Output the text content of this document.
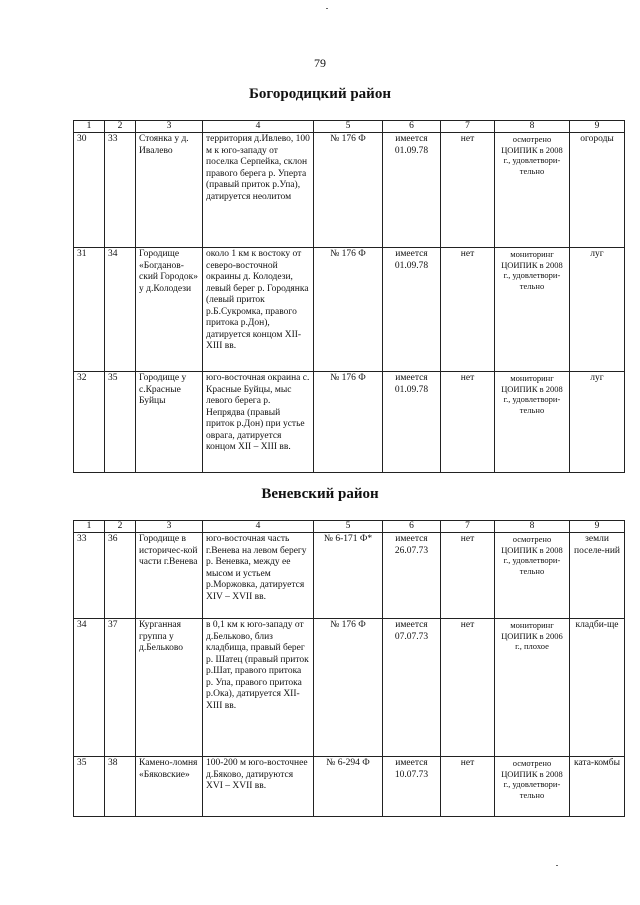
79
Богородицкий район
1	2	3	4	5	6	7	8	9
30	33	Стоянка у д. Ивалево	территория д.Ивлево, 100 м к юго-западу от поселка Серпейка, склон правого берега р. Уперта (правый приток р.Упа), датируется неолитом	№ 176 Ф	имеется 01.09.78	нет	осмотрено ЦОИПИК в 2008 г., удовлетвори-тельно	огороды
31	34	Городище «Богданов-ский Городок» у д.Колодези	около 1 км к востоку от северо-восточной окраины д. Колодези, левый берег р. Городянка (левый приток р.Б.Сукромка, правого притока р.Дон), датируется концом XII-XIII вв.	№ 176 Ф	имеется 01.09.78	нет	мониторинг ЦОИПИК в 2008 г., удовлетвори-тельно	луг
32	35	Городище у с.Красные Буйцы	юго-восточная окраина с. Красные Буйцы, мыс левого берега р. Непрядва (правый приток р.Дон) при устье оврага, датируется концом XII – XIII вв.	№ 176 Ф	имеется 01.09.78	нет	мониторинг ЦОИПИК в 2008 г., удовлетвори-тельно	луг
Веневский район
1	2	3	4	5	6	7	8	9
33	36	Городище в историчес-кой части г.Венева	юго-восточная часть г.Венева на левом берегу р. Веневка, между ее мысом и устьем р.Моржовка, датируется XIV – XVII вв.	№ 6-171 Ф*	имеется 26.07.73	нет	осмотрено ЦОИПИК в 2008 г., удовлетвори-тельно	земли поселе-ний
34	37	Курганная группа у д.Бельково	в 0,1 км к юго-западу от д.Бельково, близ кладбища, правый берег р. Шатец (правый приток р.Шат, правого притока р. Упа, правого притока р.Ока), датируется XII-XIII вв.	№ 176 Ф	имеется 07.07.73	нет	мониторинг ЦОИПИК в 2006 г., плохое	кладби-ще
35	38	Камено-ломня «Бяковские»	100-200 м юго-восточнее д.Бяково, датируются XVI – XVII вв.	№ 6-294 Ф	имеется 10.07.73	нет	осмотрено ЦОИПИК в 2008 г., удовлетвори-тельно	ката-комбы
